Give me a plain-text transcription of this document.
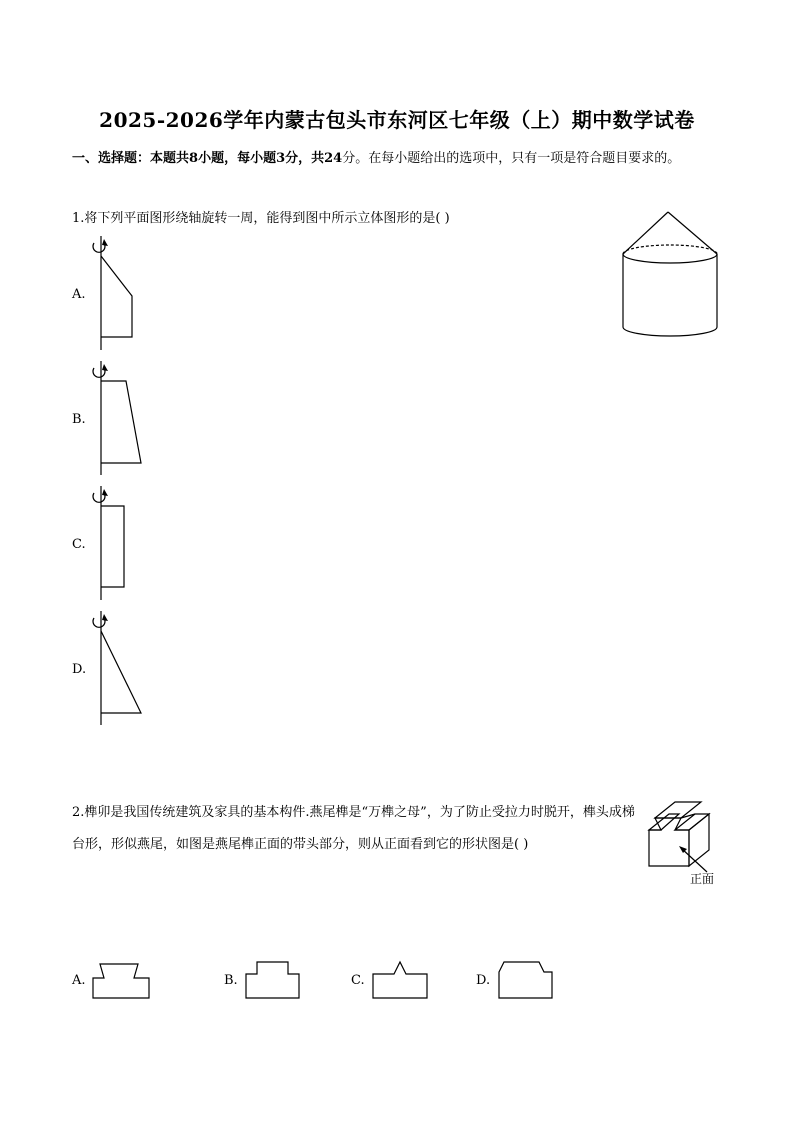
2025-2026学年内蒙古包头市东河区七年级（上）期中数学试卷
一、选择题：本题共8小题，每小题3分，共24分。在每小题给出的选项中，只有一项是符合题目要求的。
1.将下列平面图形绕轴旋转一周，能得到图中所示立体图形的是( )
A.
B.
C.
D.
2.榫卯是我国传统建筑及家具的基本构件.燕尾榫是“万榫之母”，为了防止受拉力时脱开，榫头成梯台形，形似燕尾，如图是燕尾榫正面的带头部分，则从正面看到它的形状图是( )
正面
A.	B.	C.	D.
